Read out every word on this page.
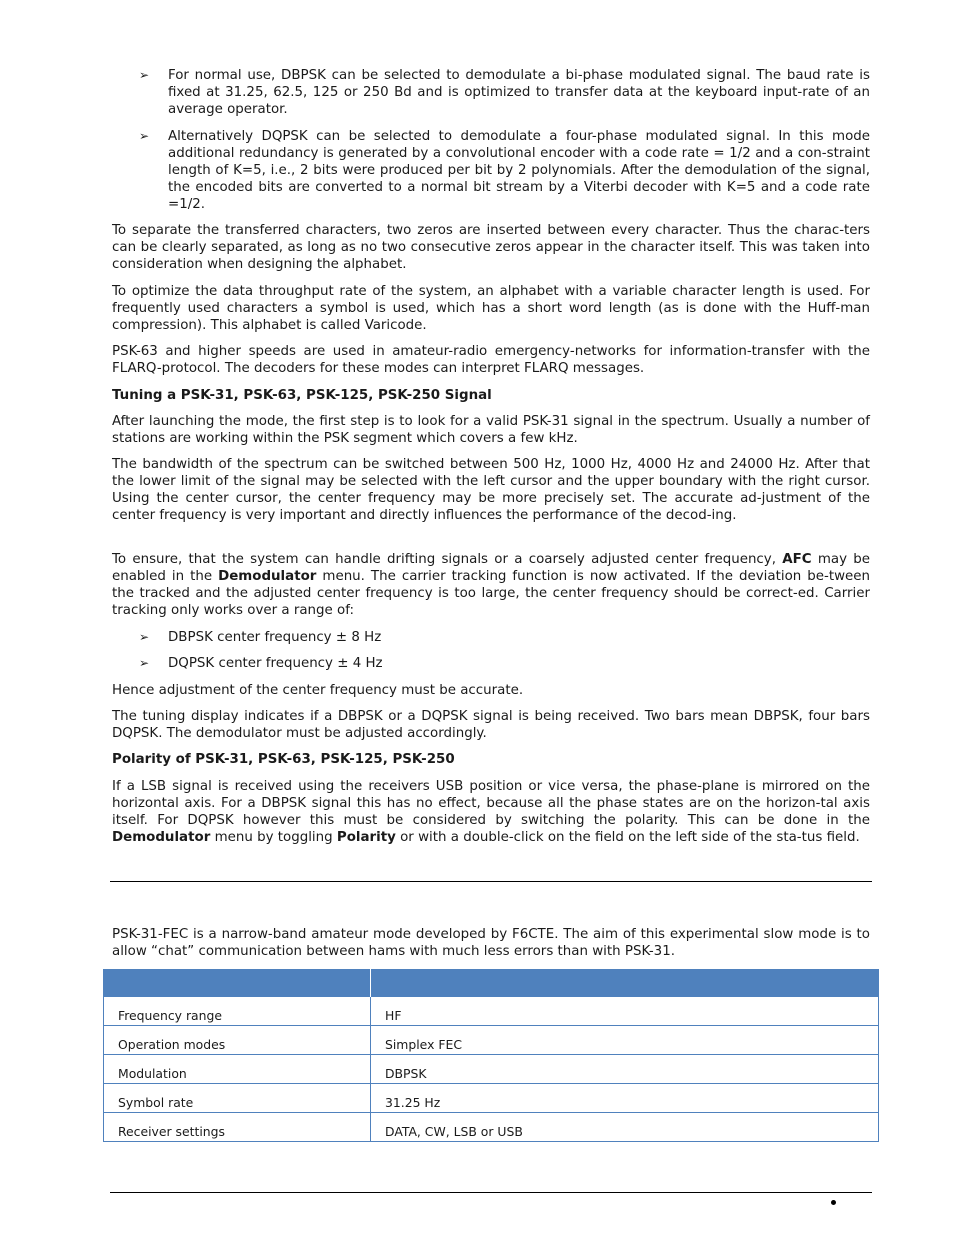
➢ For normal use, DBPSK can be selected to demodulate a bi-phase modulated signal. The baud rate is fixed at 31.25, 62.5, 125 or 250 Bd and is optimized to transfer data at the keyboard input-rate of an average operator.

➢ Alternatively DQPSK can be selected to demodulate a four-phase modulated signal. In this mode additional redundancy is generated by a convolutional encoder with a code rate = 1/2 and a con-straint length of K=5, i.e., 2 bits were produced per bit by 2 polynomials. After the demodulation of the signal, the encoded bits are converted to a normal bit stream by a Viterbi decoder with K=5 and a code rate =1/2.

To separate the transferred characters, two zeros are inserted between every character. Thus the charac-ters can be clearly separated, as long as no two consecutive zeros appear in the character itself. This was taken into consideration when designing the alphabet.

To optimize the data throughput rate of the system, an alphabet with a variable character length is used. For frequently used characters a symbol is used, which has a short word length (as is done with the Huff-man compression). This alphabet is called Varicode.

PSK-63 and higher speeds are used in amateur-radio emergency-networks for information-transfer with the FLARQ-protocol. The decoders for these modes can interpret FLARQ messages.

Tuning a PSK-31, PSK-63, PSK-125, PSK-250 Signal

After launching the mode, the first step is to look for a valid PSK-31 signal in the spectrum. Usually a number of stations are working within the PSK segment which covers a few kHz.

The bandwidth of the spectrum can be switched between 500 Hz, 1000 Hz, 4000 Hz and 24000 Hz. After that the lower limit of the signal may be selected with the left cursor and the upper boundary with the right cursor. Using the center cursor, the center frequency may be more precisely set. The accurate ad-justment of the center frequency is very important and directly influences the performance of the decod-ing.

To ensure, that the system can handle drifting signals or a coarsely adjusted center frequency, AFC may be enabled in the Demodulator menu. The carrier tracking function is now activated. If the deviation be-tween the tracked and the adjusted center frequency is too large, the center frequency should be correct-ed. Carrier tracking only works over a range of:

➢ DBPSK center frequency ± 8 Hz

➢ DQPSK center frequency ± 4 Hz

Hence adjustment of the center frequency must be accurate.

The tuning display indicates if a DBPSK or a DQPSK signal is being received. Two bars mean DBPSK, four bars DQPSK. The demodulator must be adjusted accordingly.

Polarity of PSK-31, PSK-63, PSK-125, PSK-250

If a LSB signal is received using the receivers USB position or vice versa, the phase-plane is mirrored on the horizontal axis. For a DBPSK signal this has no effect, because all the phase states are on the horizon-tal axis itself. For DQPSK however this must be considered by switching the polarity. This can be done in the Demodulator menu by toggling Polarity or with a double-click on the field on the left side of the sta-tus field.

PSK-31-FEC is a narrow-band amateur mode developed by F6CTE. The aim of this experimental slow mode is to allow “chat” communication between hams with much less errors than with PSK-31.

Frequency range	HF

Operation modes	Simplex FEC

Modulation	DBPSK

Symbol rate	31.25 Hz

Receiver settings	DATA, CW, LSB or USB
